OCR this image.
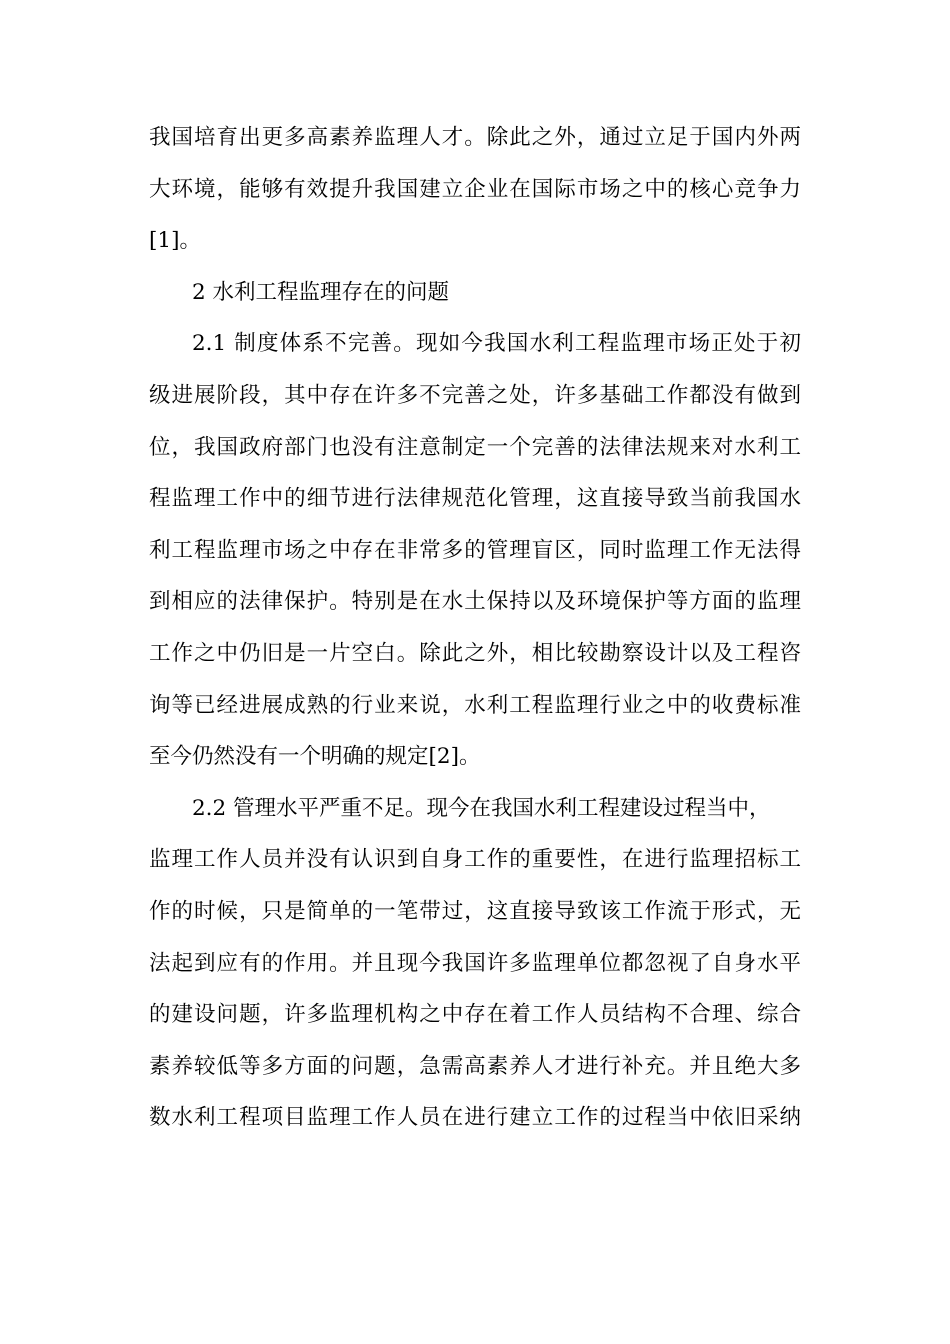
我国培育出更多高素养监理人才。除此之外，通过立足于国内外两
大环境，能够有效提升我国建立企业在国际市场之中的核心竞争力
[1]。
2 水利工程监理存在的问题
2.1 制度体系不完善。现如今我国水利工程监理市场正处于初
级进展阶段，其中存在许多不完善之处，许多基础工作都没有做到
位，我国政府部门也没有注意制定一个完善的法律法规来对水利工
程监理工作中的细节进行法律规范化管理，这直接导致当前我国水
利工程监理市场之中存在非常多的管理盲区，同时监理工作无法得
到相应的法律保护。特别是在水土保持以及环境保护等方面的监理
工作之中仍旧是一片空白。除此之外，相比较勘察设计以及工程咨
询等已经进展成熟的行业来说，水利工程监理行业之中的收费标准
至今仍然没有一个明确的规定[2]。
2.2 管理水平严重不足。现今在我国水利工程建设过程当中，
监理工作人员并没有认识到自身工作的重要性，在进行监理招标工
作的时候，只是简单的一笔带过，这直接导致该工作流于形式，无
法起到应有的作用。并且现今我国许多监理单位都忽视了自身水平
的建设问题，许多监理机构之中存在着工作人员结构不合理、综合
素养较低等多方面的问题，急需高素养人才进行补充。并且绝大多
数水利工程项目监理工作人员在进行建立工作的过程当中依旧采纳
